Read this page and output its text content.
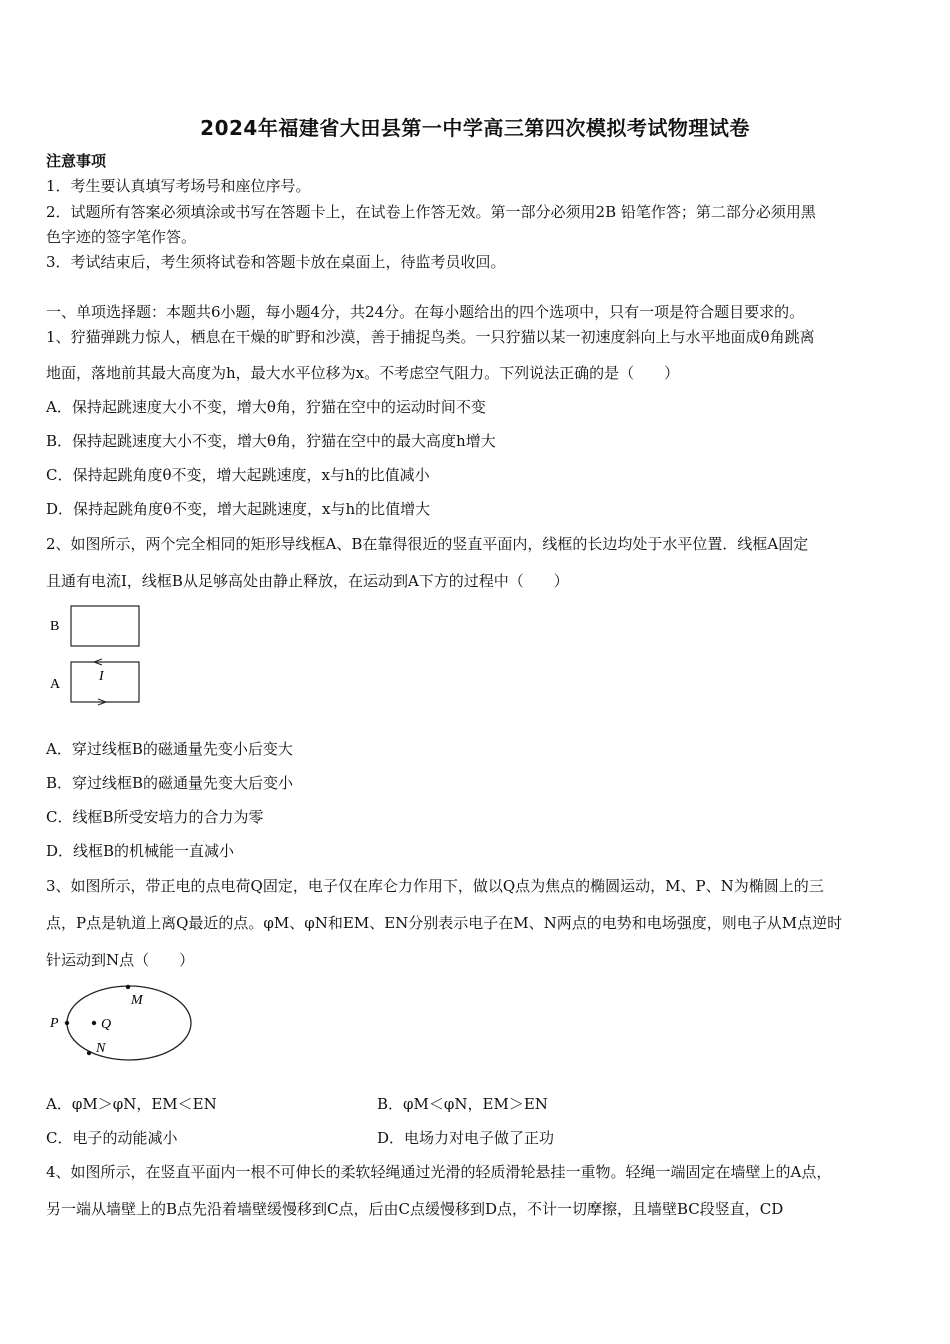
2024年福建省大田县第一中学高三第四次模拟考试物理试卷
注意事项
1．考生要认真填写考场号和座位序号。
2．试题所有答案必须填涂或书写在答题卡上，在试卷上作答无效。第一部分必须用2B 铅笔作答；第二部分必须用黑
色字迹的签字笔作答。
3．考试结束后，考生须将试卷和答题卡放在桌面上，待监考员收回。
一、单项选择题：本题共6小题，每小题4分，共24分。在每小题给出的四个选项中，只有一项是符合题目要求的。
1、狞猫弹跳力惊人，栖息在干燥的旷野和沙漠，善于捕捉鸟类。一只狞猫以某一初速度斜向上与水平地面成θ角跳离
地面，落地前其最大高度为h，最大水平位移为x。不考虑空气阻力。下列说法正确的是（　　）
A．保持起跳速度大小不变，增大θ角，狞猫在空中的运动时间不变
B．保持起跳速度大小不变，增大θ角，狞猫在空中的最大高度h增大
C．保持起跳角度θ不变，增大起跳速度，x与h的比值减小
D．保持起跳角度θ不变，增大起跳速度，x与h的比值增大
2、如图所示，两个完全相同的矩形导线框A、B在靠得很近的竖直平面内，线框的长边均处于水平位置．线框A固定
且通有电流I，线框B从足够高处由静止释放，在运动到A下方的过程中（　　）
B
A
I
A．穿过线框B的磁通量先变小后变大
B．穿过线框B的磁通量先变大后变小
C．线框B所受安培力的合力为零
D．线框B的机械能一直减小
3、如图所示，带正电的点电荷Q固定，电子仅在库仑力作用下，做以Q点为焦点的椭圆运动，M、P、N为椭圆上的三
点，P点是轨道上离Q最近的点。φM、φN和EM、EN分别表示电子在M、N两点的电势和电场强度，则电子从M点逆时
针运动到N点（　　）
P	Q
M
N
A．φM＞φN，EM＜EN	B．φM＜φN，EM＞EN
C．电子的动能减小	D．电场力对电子做了正功
4、如图所示，在竖直平面内一根不可伸长的柔软轻绳通过光滑的轻质滑轮悬挂一重物。轻绳一端固定在墙壁上的A点，
另一端从墙壁上的B点先沿着墙壁缓慢移到C点，后由C点缓慢移到D点，不计一切摩擦，且墙壁BC段竖直，CD
